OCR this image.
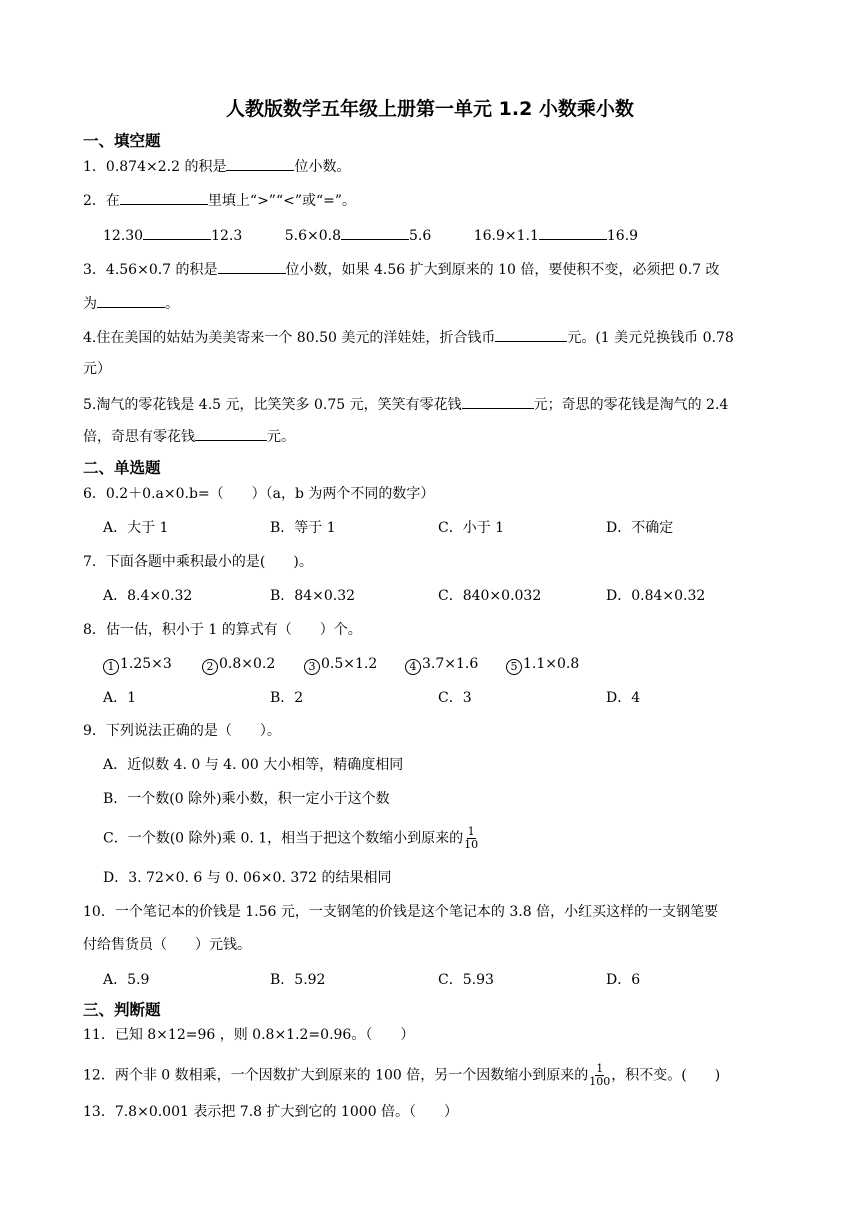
人教版数学五年级上册第一单元 1.2 小数乘小数
一、填空题
1．0.874×2.2 的积是	位小数。
2．在	里填上“>”“<”或“=”。
12.30	12.3	5.6×0.8	5.6	16.9×1.1	16.9
3．4.56×0.7 的积是	位小数，如果 4.56 扩大到原来的 10 倍，要使积不变，必须把 0.7 改
为	。
4.住在美国的姑姑为美美寄来一个 80.50 美元的洋娃娃，折合钱币	元。(1 美元兑换钱币 0.78
元）
5.淘气的零花钱是 4.5 元，比笑笑多 0.75 元，笑笑有零花钱	元；奇思的零花钱是淘气的 2.4
倍，奇思有零花钱	元。
二、单选题
6．0.2＋0.a×0.b=（　　）（a，b 为两个不同的数字）
A．大于 1	B．等于 1	C．小于 1	D．不确定
7．下面各题中乘积最小的是(　　)。
A．8.4×0.32	B．84×0.32	C．840×0.032	D．0.84×0.32
8．估一估，积小于 1 的算式有（　　）个。
1 1.25×3	2 0.8×0.2	3 0.5×1.2	4 3.7×1.6	5 1.1×0.8
A．1	B．2	C．3	D．4
9．下列说法正确的是（　　）。
A．近似数 4. 0 与 4. 00 大小相等，精确度相同
B．一个数(0 除外)乘小数，积一定小于这个数
C．一个数(0 除外)乘 0. 1，相当于把这个数缩小到原来的 $\frac{1}{10}$
D．3. 72×0. 6 与 0. 06×0. 372 的结果相同
10．一个笔记本的价钱是 1.56 元，一支钢笔的价钱是这个笔记本的 3.8 倍，小红买这样的一支钢笔要
付给售货员（　　）元钱。
A．5.9	B．5.92	C．5.93	D．6
三、判断题
11．已知 8×12=96 ，则 0.8×1.2=0.96。（　　）
12．两个非 0 数相乘，一个因数扩大到原来的 100 倍，另一个因数缩小到原来的 $\frac{1}{100}$ ，积不变。(　　)
13．7.8×0.001 表示把 7.8 扩大到它的 1000 倍。（　　）
